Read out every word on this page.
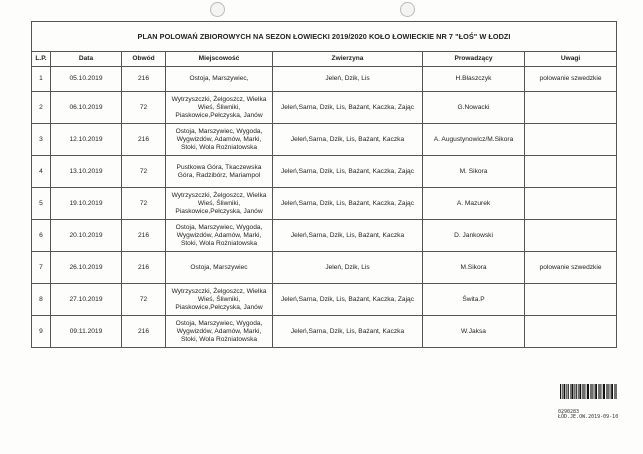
PLAN POLOWAŃ ZBIOROWYCH NA SEZON ŁOWIECKI 2019/2020 KOŁO ŁOWIECKIE NR 7 "ŁOŚ" W ŁODZI						
L.P.	Data	Obwód	Miejscowość	Zwierzyna	Prowadzący	Uwagi
1	05.10.2019	216	Ostoja, Marszywiec,	Jeleń, Dzik, Lis	H.Błaszczyk	polowanie szwedzkie
2	06.10.2019	72	Wytrzyszczki, Żelgoszcz, Wielka Wieś, Śliwniki, Piaskowice,Pełczyska, Janów	Jeleń,Sarna, Dzik, Lis, Bażant, Kaczka, Zając	G.Nowacki	
3	12.10.2019	216	Ostoja, Marszywiec, Wygoda, Wygwizdów, Adamów, Marki, Stoki, Wola Rożniatowska	Jeleń,Sarna, Dzik, Lis, Bażant, Kaczka	A. Augustynowicz/M.Sikora	
4	13.10.2019	72	Pustkowa Góra, Tkaczewska Góra, Radzibórz, Mariampol	Jeleń,Sarna, Dzik, Lis, Bażant, Kaczka, Zając	M. Sikora	
5	19.10.2019	72	Wytrzyszczki, Żelgoszcz, Wielka Wieś, Śliwniki, Piaskowice,Pełczyska, Janów	Jeleń,Sarna, Dzik, Lis, Bażant, Kaczka, Zając	A. Mazurek	
6	20.10.2019	216	Ostoja, Marszywiec, Wygoda, Wygwizdów, Adamów, Marki, Stoki, Wola Rożniatowska	Jeleń,Sarna, Dzik, Lis, Bażant, Kaczka	D. Jankowski	
7	26.10.2019	216	Ostoja, Marszywiec	Jeleń, Dzik, Lis	M.Sikora	polowanie szwedzkie
8	27.10.2019	72	Wytrzyszczki, Żelgoszcz, Wielka Wieś, Śliwniki, Piaskowice,Pełczyska, Janów	Jeleń,Sarna, Dzik, Lis, Bażant, Kaczka, Zając	Świta.P	
9	09.11.2019	216	Ostoja, Marszywiec, Wygoda, Wygwizdów, Adamów, Marki, Stoki, Wola Rożniatowska	Jeleń,Sarna, Dzik, Lis, Bażant, Kaczka	W.Jaksa	
0290283
ŁÓD.JE.OW.2019-09-10
